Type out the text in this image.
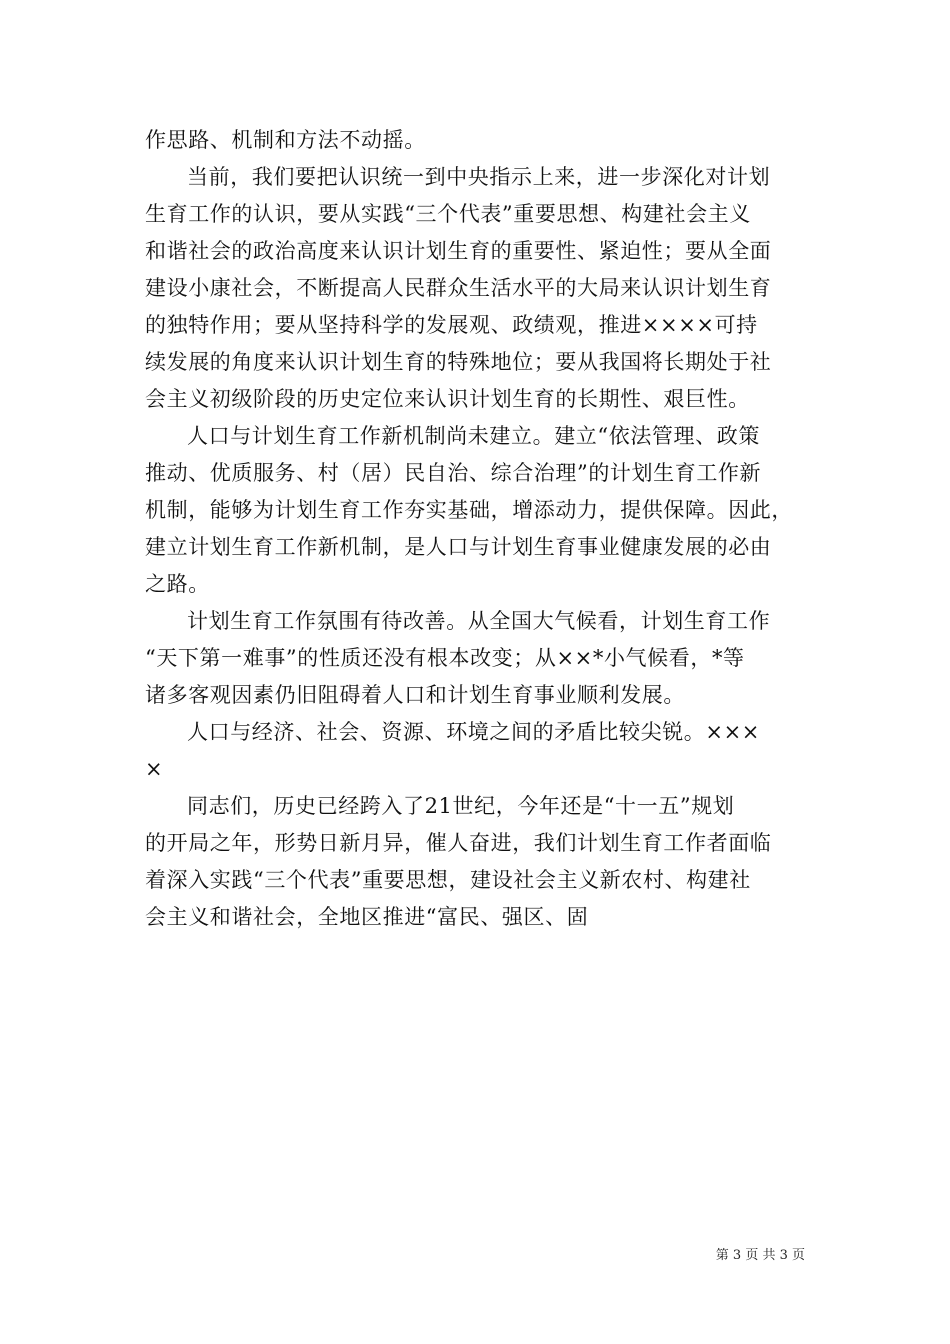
作思路、机制和方法不动摇。
当前，我们要把认识统一到中央指示上来，进一步深化对计划
生育工作的认识，要从实践“三个代表”重要思想、构建社会主义
和谐社会的政治高度来认识计划生育的重要性、紧迫性；要从全面
建设小康社会，不断提高人民群众生活水平的大局来认识计划生育
的独特作用；要从坚持科学的发展观、政绩观，推进××××可持
续发展的角度来认识计划生育的特殊地位；要从我国将长期处于社
会主义初级阶段的历史定位来认识计划生育的长期性、艰巨性。
人口与计划生育工作新机制尚未建立。建立“依法管理、政策
推动、优质服务、村（居）民自治、综合治理”的计划生育工作新
机制，能够为计划生育工作夯实基础，增添动力，提供保障。因此，
建立计划生育工作新机制，是人口与计划生育事业健康发展的必由
之路。
计划生育工作氛围有待改善。从全国大气候看，计划生育工作
“天下第一难事”的性质还没有根本改变；从××*小气候看，*等
诸多客观因素仍旧阻碍着人口和计划生育事业顺利发展。
人口与经济、社会、资源、环境之间的矛盾比较尖锐。×××
×
同志们，历史已经跨入了21世纪，今年还是“十一五”规划
的开局之年，形势日新月异，催人奋进，我们计划生育工作者面临
着深入实践“三个代表”重要思想，建设社会主义新农村、构建社
会主义和谐社会，全地区推进“富民、强区、固
第 3 页 共 3 页
